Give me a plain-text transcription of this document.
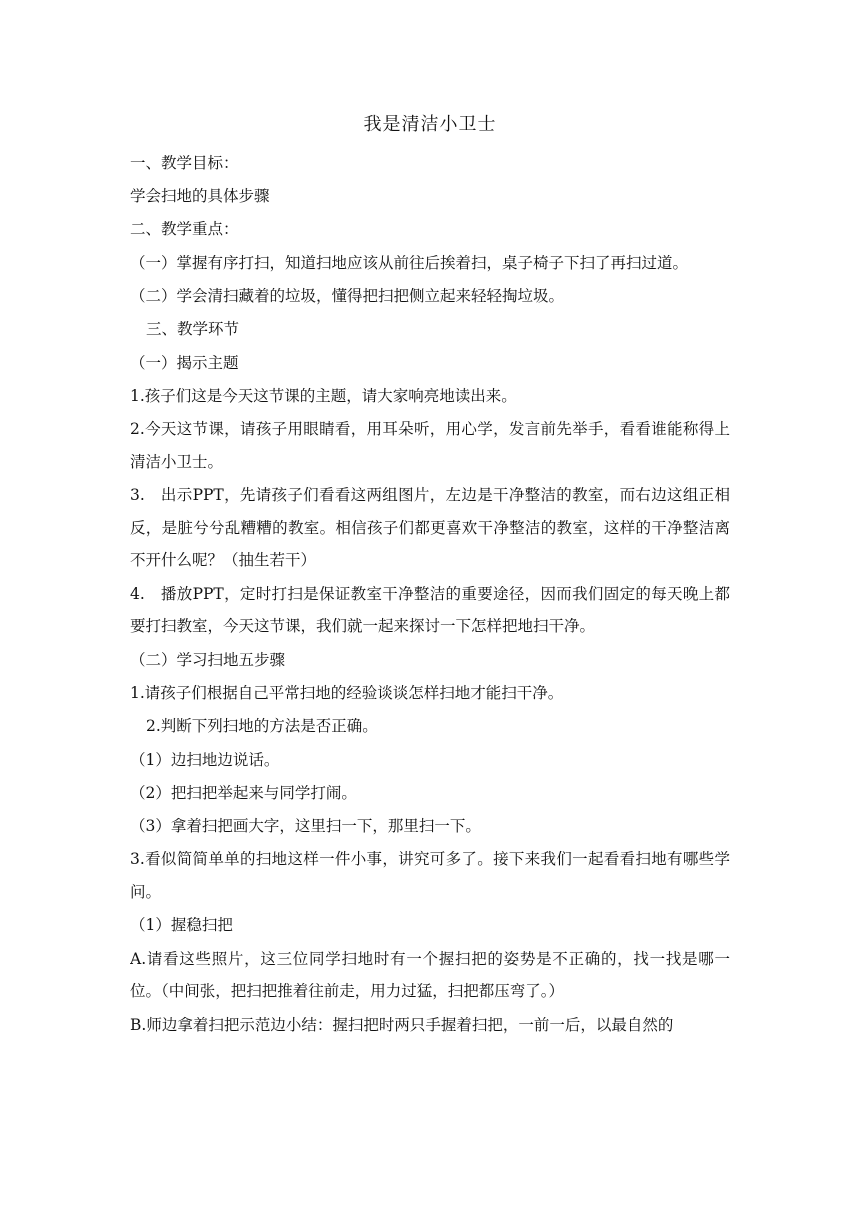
我是清洁小卫士
一、教学目标：
学会扫地的具体步骤
二、教学重点：
（一）掌握有序打扫，知道扫地应该从前往后挨着扫，桌子椅子下扫了再扫过道。
（二）学会清扫藏着的垃圾，懂得把扫把侧立起来轻轻掏垃圾。
三、教学环节
（一）揭示主题
1.孩子们这是今天这节课的主题，请大家响亮地读出来。
2.今天这节课，请孩子用眼睛看，用耳朵听，用心学，发言前先举手，看看谁能称得上清洁小卫士。
3.　出示PPT，先请孩子们看看这两组图片，左边是干净整洁的教室，而右边这组正相反，是脏兮兮乱糟糟的教室。相信孩子们都更喜欢干净整洁的教室，这样的干净整洁离不开什么呢？（抽生若干）
4.　播放PPT，定时打扫是保证教室干净整洁的重要途径，因而我们固定的每天晚上都要打扫教室，今天这节课，我们就一起来探讨一下怎样把地扫干净。
（二）学习扫地五步骤
1.请孩子们根据自己平常扫地的经验谈谈怎样扫地才能扫干净。
2.判断下列扫地的方法是否正确。
（1）边扫地边说话。
（2）把扫把举起来与同学打闹。
（3）拿着扫把画大字，这里扫一下，那里扫一下。
3.看似简简单单的扫地这样一件小事，讲究可多了。接下来我们一起看看扫地有哪些学问。
（1）握稳扫把
A.请看这些照片，这三位同学扫地时有一个握扫把的姿势是不正确的，找一找是哪一位。（中间张，把扫把推着往前走，用力过猛，扫把都压弯了。）
B.师边拿着扫把示范边小结：握扫把时两只手握着扫把，一前一后，以最自然的
